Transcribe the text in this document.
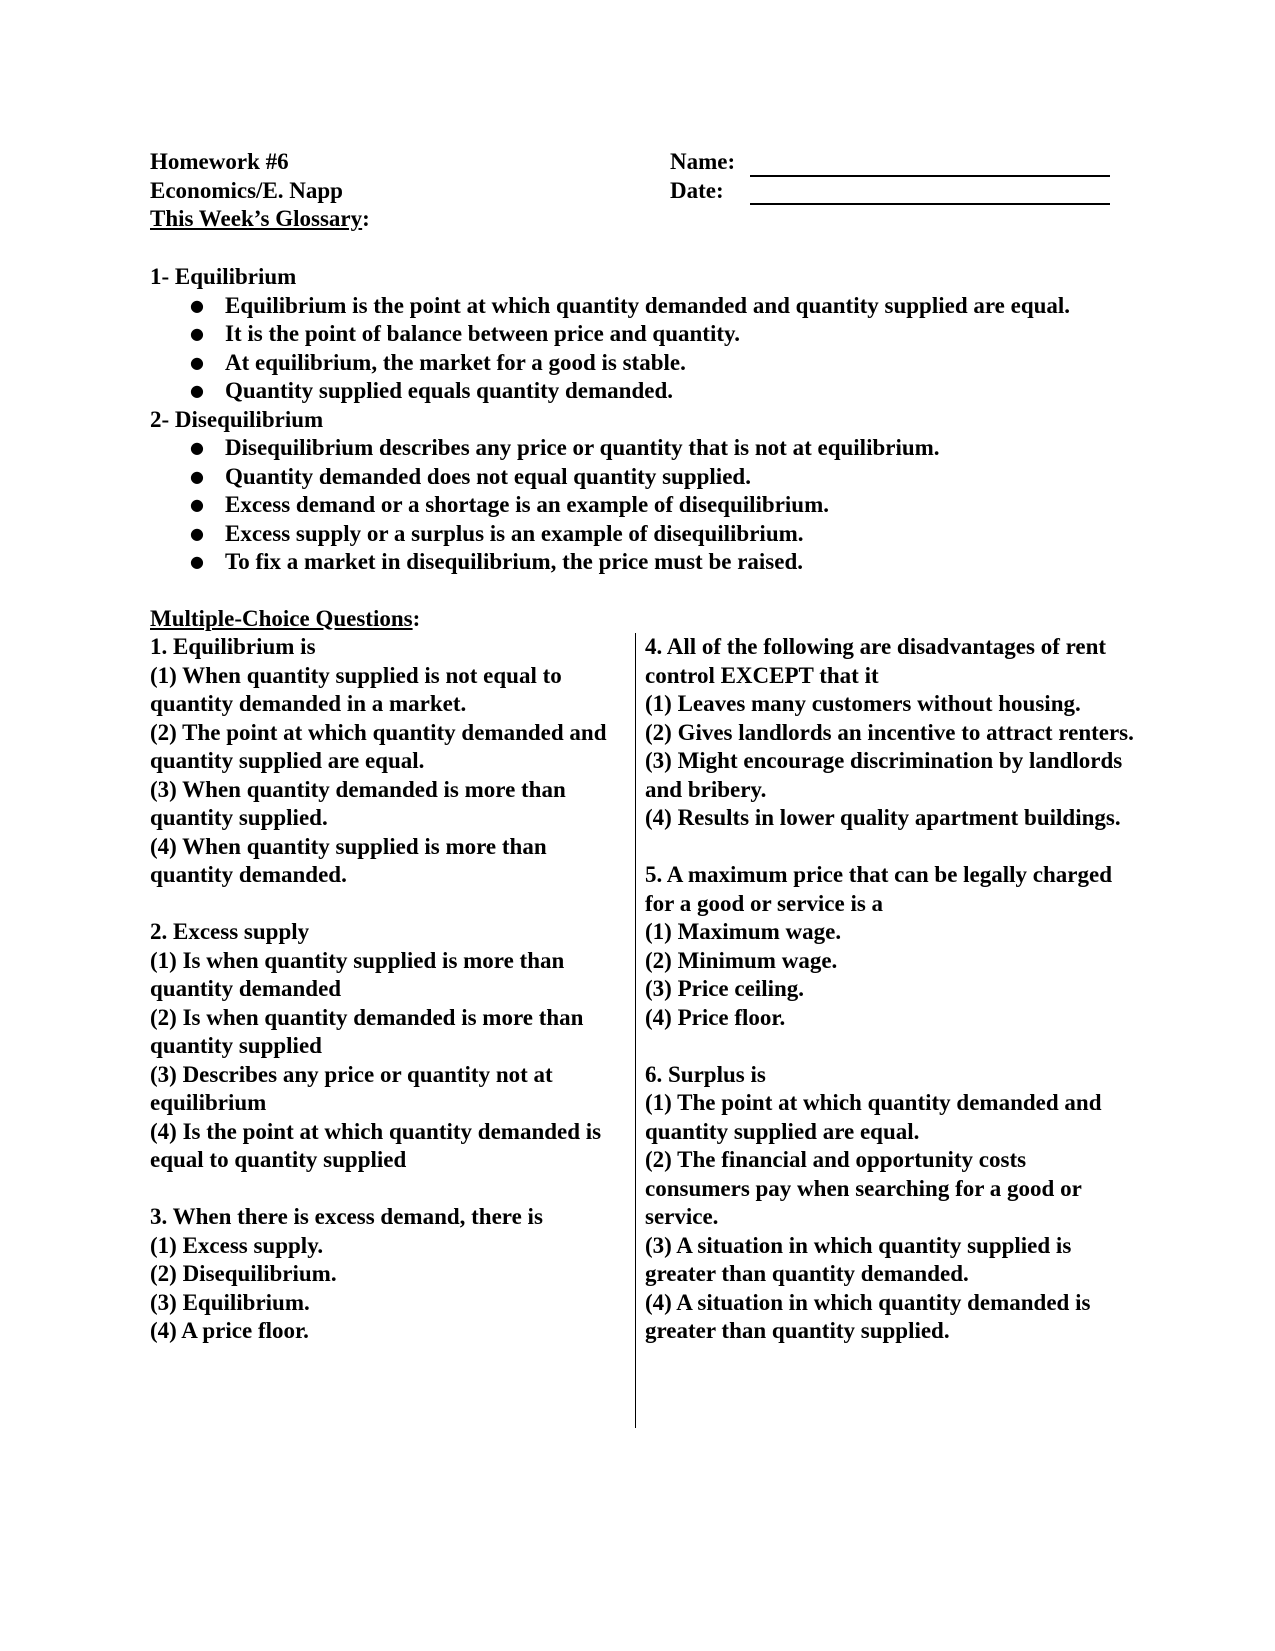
Homework #6
Economics/E. Napp
This Week’s Glossary :
Name:
Date:
1- Equilibrium
● Equilibrium is the point at which quantity demanded and quantity supplied are equal.
● It is the point of balance between price and quantity.
● At equilibrium, the market for a good is stable.
● Quantity supplied equals quantity demanded.
2- Disequilibrium
● Disequilibrium describes any price or quantity that is not at equilibrium.
● Quantity demanded does not equal quantity supplied.
● Excess demand or a shortage is an example of disequilibrium.
● Excess supply or a surplus is an example of disequilibrium.
● To fix a market in disequilibrium, the price must be raised.
Multiple-Choice Questions:
1. Equilibrium is
(1) When quantity supplied is not equal to quantity demanded in a market.
(2) The point at which quantity demanded and quantity supplied are equal.
(3) When quantity demanded is more than quantity supplied.
(4) When quantity supplied is more than quantity demanded.
2. Excess supply
(1) Is when quantity supplied is more than quantity demanded
(2) Is when quantity demanded is more than quantity supplied
(3) Describes any price or quantity not at equilibrium
(4) Is the point at which quantity demanded is equal to quantity supplied
3. When there is excess demand, there is
(1) Excess supply.
(2) Disequilibrium.
(3) Equilibrium.
(4) A price floor.
4. All of the following are disadvantages of rent control EXCEPT that it
(1) Leaves many customers without housing.
(2) Gives landlords an incentive to attract renters.
(3) Might encourage discrimination by landlords and bribery.
(4) Results in lower quality apartment buildings.
5. A maximum price that can be legally charged for a good or service is a
(1) Maximum wage.
(2) Minimum wage.
(3) Price ceiling.
(4) Price floor.
6. Surplus is
(1) The point at which quantity demanded and quantity supplied are equal.
(2) The financial and opportunity costs consumers pay when searching for a good or service.
(3) A situation in which quantity supplied is greater than quantity demanded.
(4) A situation in which quantity demanded is greater than quantity supplied.
